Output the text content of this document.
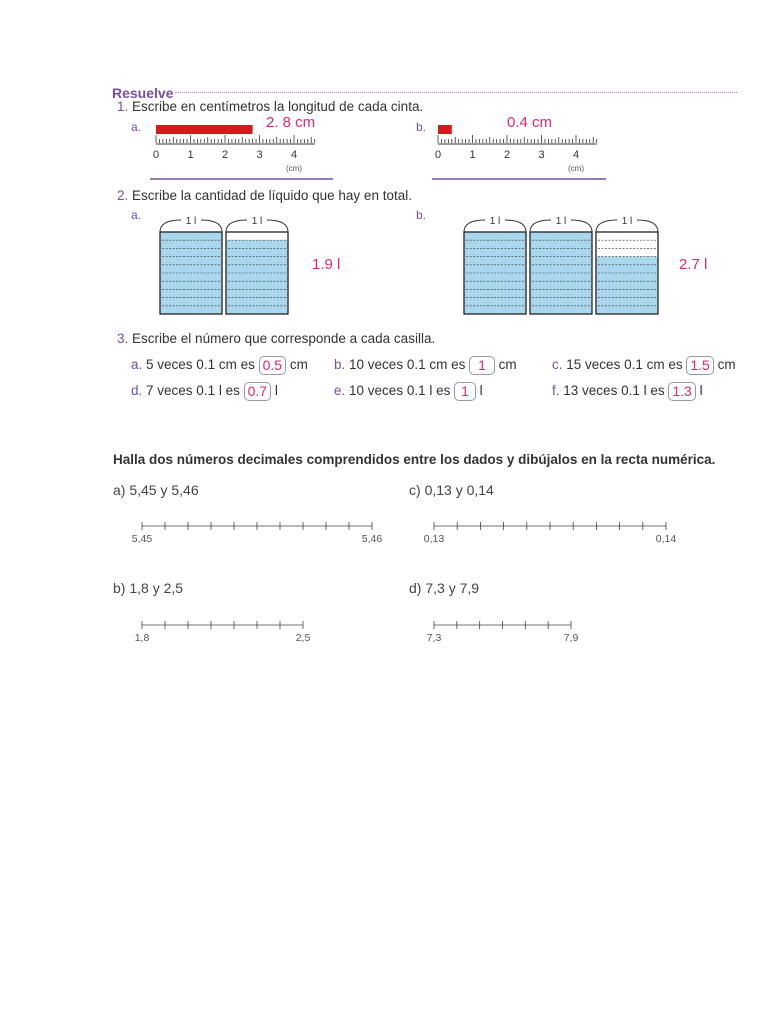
Resuelve
1. Escribe en centímetros la longitud de cada cinta.
a.	2. 8 cm
0	1	2	3	4
(cm)
b.	0.4 cm
0	1	2	3	4
(cm)
2. Escribe la cantidad de líquido que hay en total.
a.	1 l	1 l
1.9 l
b.	1 l	1 l	1 l
2.7 l
3. Escribe el número que corresponde a cada casilla.
a. 5 veces 0.1 cm es 0.5 cm b. 10 veces 0.1 cm es 1 cm	c. 15 veces 0.1 cm es 1.5 cm
d. 7 veces 0.1 l es 0.7 l	e. 10 veces 0.1 l es 1 l	f. 13 veces 0.1 l es 1.3 l
Halla dos números decimales comprendidos entre los dados y dibújalos en la recta numérica.
a) 5,45 y 5,46
5,45	5,46
c) 0,13 y 0,14
0,13	0,14
b) 1,8 y 2,5
1,8	2,5
d) 7,3 y 7,9
7,3	7,9
